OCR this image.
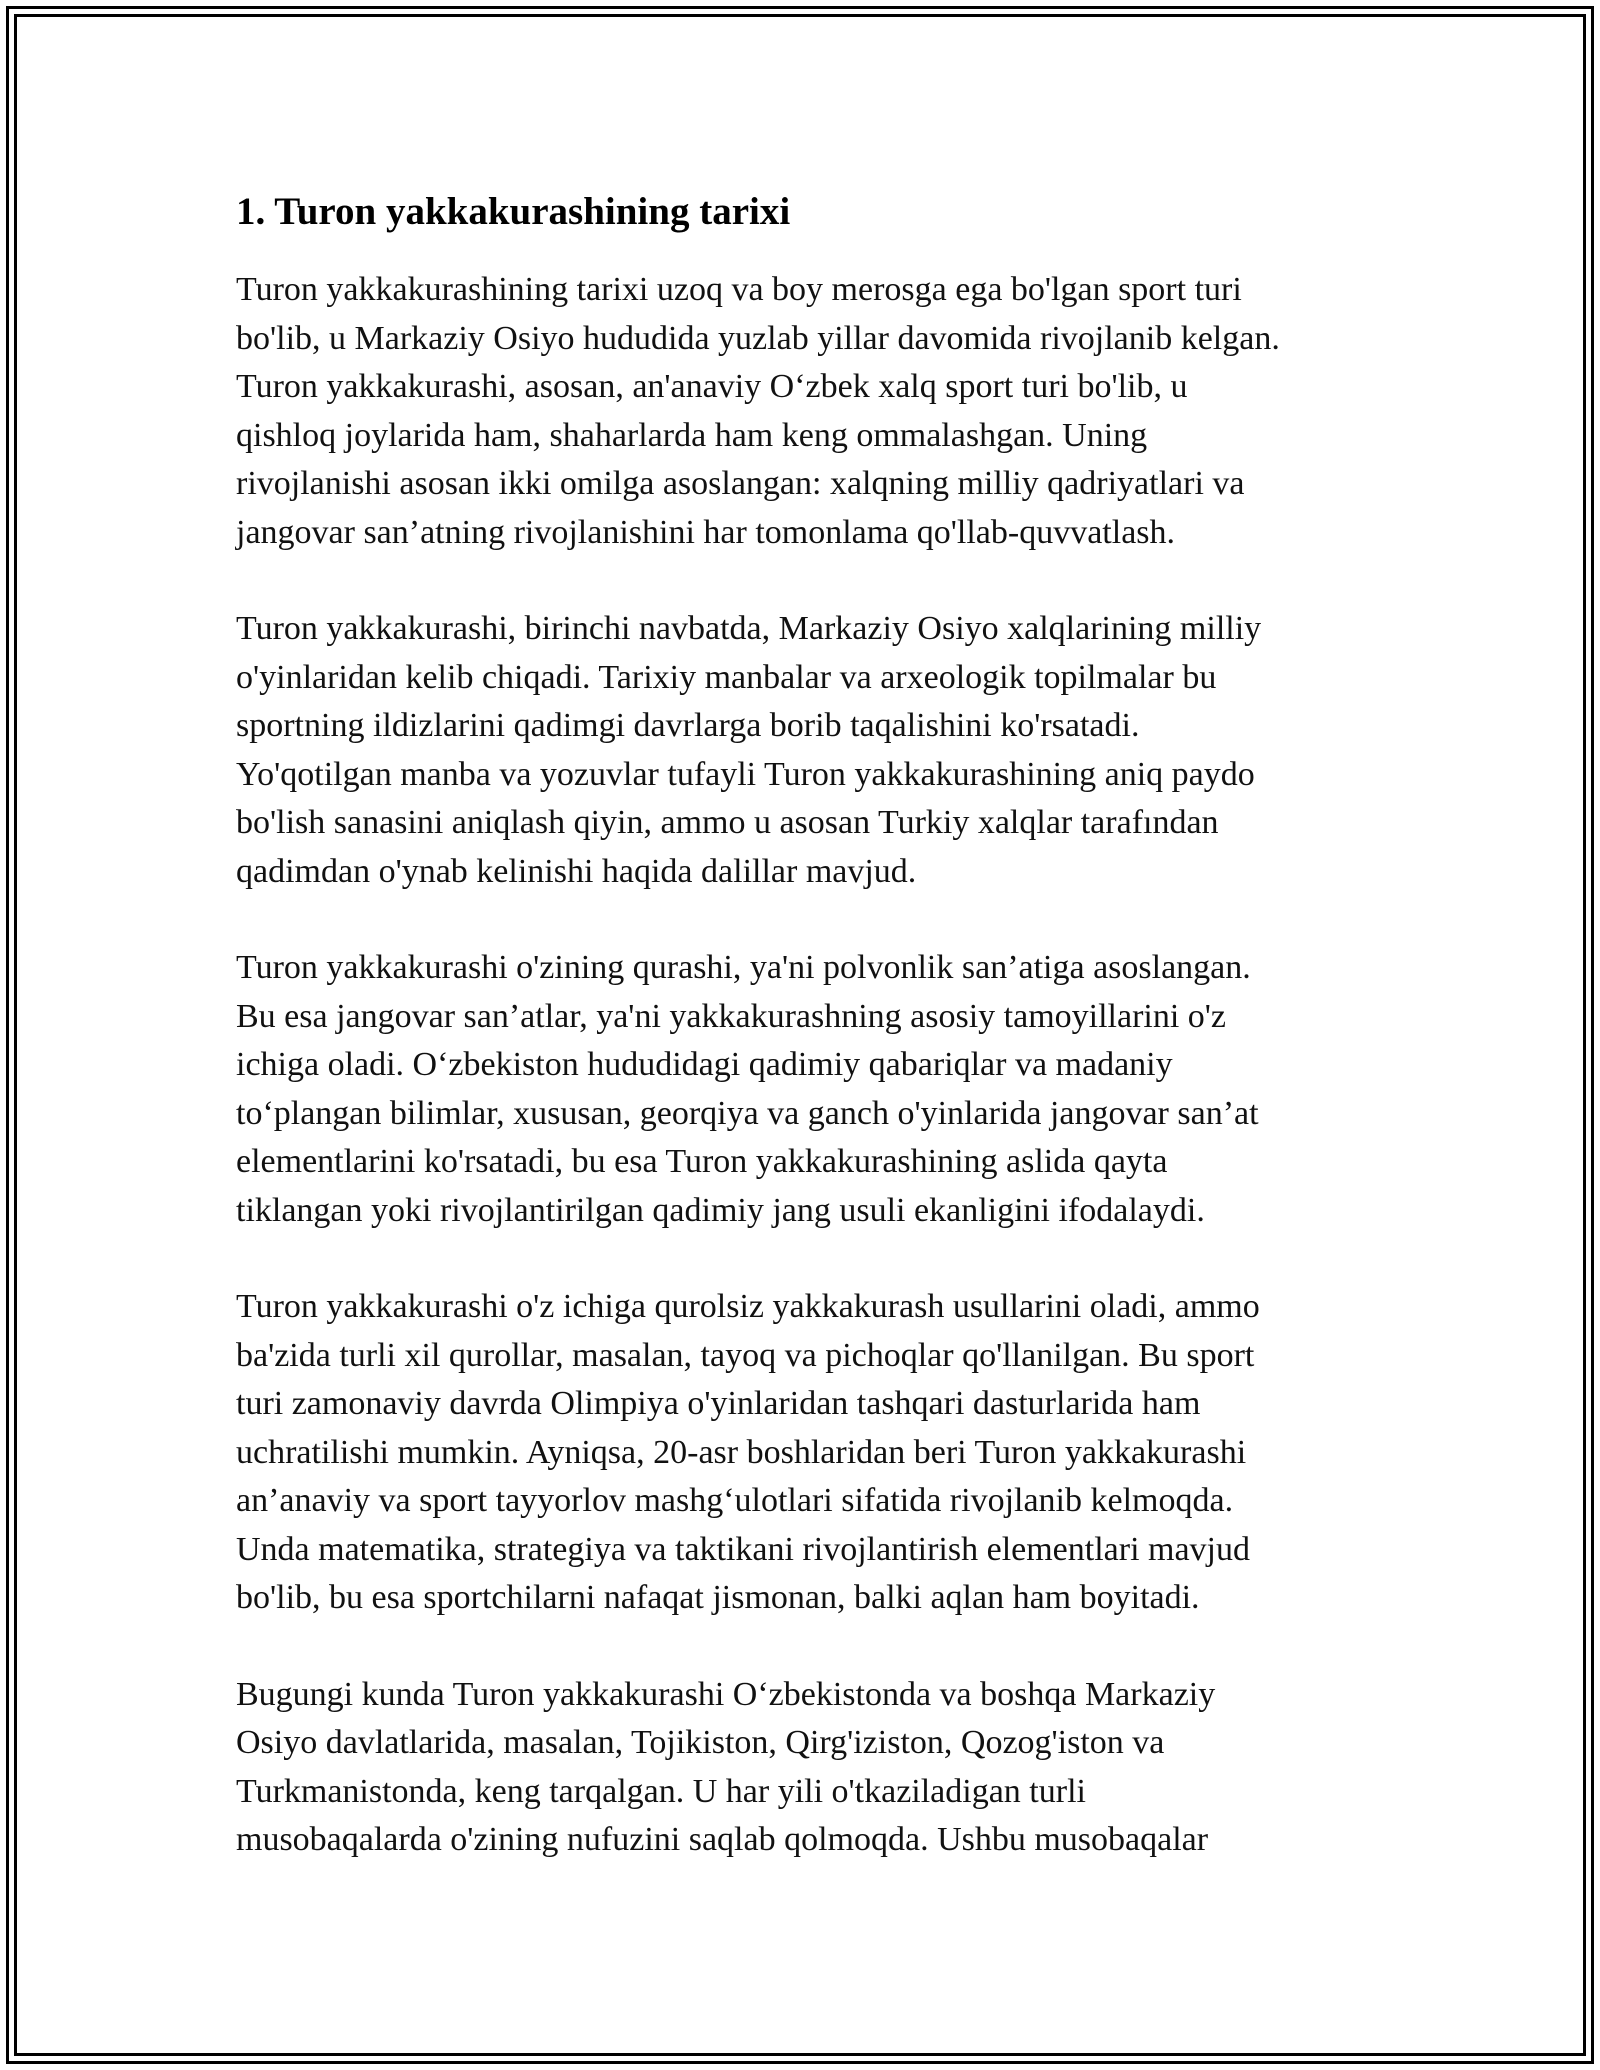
1. Turon yakkakurashining tarixi

Turon yakkakurashining tarixi uzoq va boy merosga ega bo'lgan sport turi
bo'lib, u Markaziy Osiyo hududida yuzlab yillar davomida rivojlanib kelgan.
Turon yakkakurashi, asosan, an'anaviy O‘zbek xalq sport turi bo'lib, u
qishloq joylarida ham, shaharlarda ham keng ommalashgan. Uning
rivojlanishi asosan ikki omilga asoslangan: xalqning milliy qadriyatlari va
jangovar san’atning rivojlanishini har tomonlama qo'llab-quvvatlash.

Turon yakkakurashi, birinchi navbatda, Markaziy Osiyo xalqlarining milliy
o'yinlaridan kelib chiqadi. Tarixiy manbalar va arxeologik topilmalar bu
sportning ildizlarini qadimgi davrlarga borib taqalishini ko'rsatadi.
Yo'qotilgan manba va yozuvlar tufayli Turon yakkakurashining aniq paydo
bo'lish sanasini aniqlash qiyin, ammo u asosan Turkiy xalqlar tarafından
qadimdan o'ynab kelinishi haqida dalillar mavjud.

Turon yakkakurashi o'zining qurashi, ya'ni polvonlik san’atiga asoslangan.
Bu esa jangovar san’atlar, ya'ni yakkakurashning asosiy tamoyillarini o'z
ichiga oladi. O‘zbekiston hududidagi qadimiy qabariqlar va madaniy
to‘plangan bilimlar, xususan, georqiya va ganch o'yinlarida jangovar san’at
elementlarini ko'rsatadi, bu esa Turon yakkakurashining aslida qayta
tiklangan yoki rivojlantirilgan qadimiy jang usuli ekanligini ifodalaydi.

Turon yakkakurashi o'z ichiga qurolsiz yakkakurash usullarini oladi, ammo
ba'zida turli xil qurollar, masalan, tayoq va pichoqlar qo'llanilgan. Bu sport
turi zamonaviy davrda Olimpiya o'yinlaridan tashqari dasturlarida ham
uchratilishi mumkin. Ayniqsa, 20-asr boshlaridan beri Turon yakkakurashi
an’anaviy va sport tayyorlov mashg‘ulotlari sifatida rivojlanib kelmoqda.
Unda matematika, strategiya va taktikani rivojlantirish elementlari mavjud
bo'lib, bu esa sportchilarni nafaqat jismonan, balki aqlan ham boyitadi.

Bugungi kunda Turon yakkakurashi O‘zbekistonda va boshqa Markaziy
Osiyo davlatlarida, masalan, Tojikiston, Qirg'iziston, Qozog'iston va
Turkmanistonda, keng tarqalgan. U har yili o'tkaziladigan turli
musobaqalarda o'zining nufuzini saqlab qolmoqda. Ushbu musobaqalar
